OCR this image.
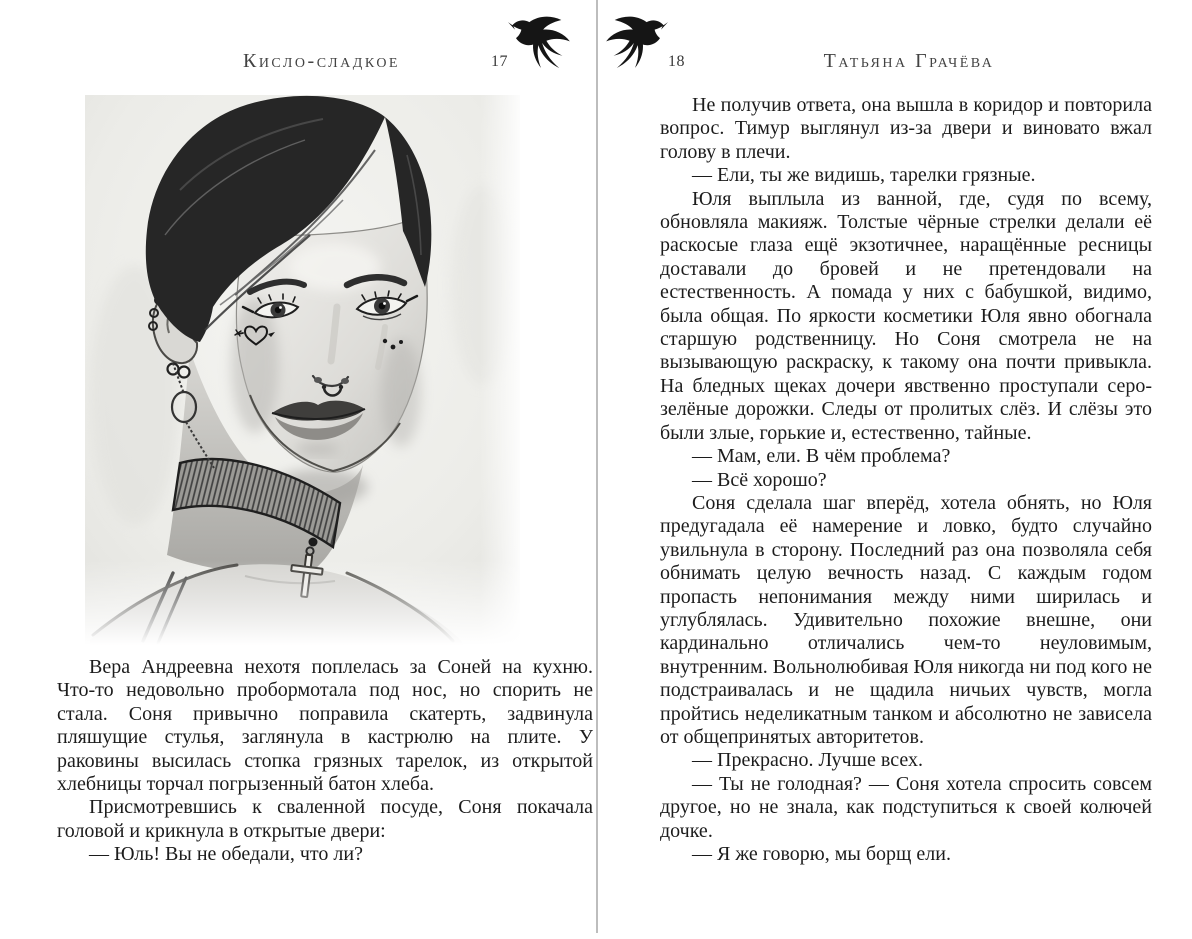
Кисло-сладкое	17

Вера Андреевна нехотя поплелась за Соней на кухню. Что-то недовольно пробормотала под нос, но спорить не стала. Соня привычно поправила скатерть, задвинула пляшущие стулья, заглянула в кастрюлю на плите. У раковины высилась стопка грязных тарелок, из открытой хлебницы торчал погрызенный батон хлеба.

Присмотревшись к сваленной посуде, Соня покачала головой и крикнула в открытые двери:

— Юль! Вы не обедали, что ли?

18	Татьяна Грачёва

Не получив ответа, она вышла в коридор и повторила вопрос. Тимур выглянул из-за двери и виновато вжал голову в плечи.

— Ели, ты же видишь, тарелки грязные.

Юля выплыла из ванной, где, судя по всему, обновляла макияж. Толстые чёрные стрелки делали её раскосые глаза ещё экзотичнее, наращённые ресницы доставали до бровей и не претендовали на естественность. А помада у них с бабушкой, видимо, была общая. По яркости косметики Юля явно обогнала старшую родственницу. Но Соня смотрела не на вызывающую раскраску, к такому она почти привыкла. На бледных щеках дочери явственно проступали серо-зелёные дорожки. Следы от пролитых слёз. И слёзы это были злые, горькие и, естественно, тайные.

— Мам, ели. В чём проблема?

— Всё хорошо?

Соня сделала шаг вперёд, хотела обнять, но Юля предугадала её намерение и ловко, будто случайно увильнула в сторону. Последний раз она позволяла себя обнимать целую вечность назад. С каждым годом пропасть непонимания между ними ширилась и углублялась. Удивительно похожие внешне, они кардинально отличались чем-то неуловимым, внутренним. Вольнолюбивая Юля никогда ни под кого не подстраивалась и не щадила ничьих чувств, могла пройтись неделикатным танком и абсолютно не зависела от общепринятых авторитетов.

— Прекрасно. Лучше всех.

— Ты не голодная? — Соня хотела спросить совсем другое, но не знала, как подступиться к своей колючей дочке.

— Я же говорю, мы борщ ели.
